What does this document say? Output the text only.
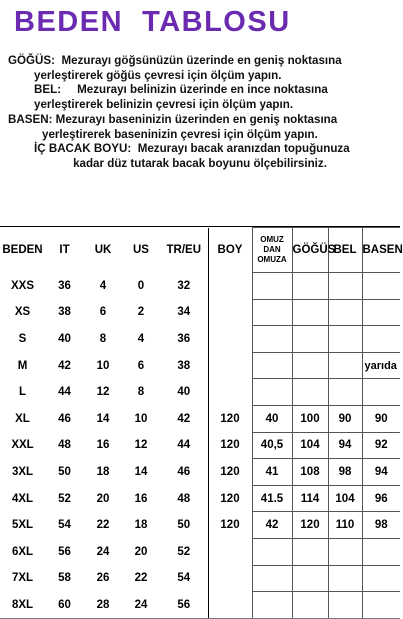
BEDEN  TABLOSU
GÖĞÜS:  Mezurayı göğsünüzün üzerinde en geniş noktasına
yerleştirerek göğüs çevresi için ölçüm yapın.
BEL:     Mezurayı belinizin üzerinde en ince noktasına
yerleştirerek belinizin çevresi için ölçüm yapın.
BASEN: Mezurayı baseninizin üzerinden en geniş noktasına
yerleştirerek baseninizin çevresi için ölçüm yapın.
İÇ BACAK BOYU:  Mezurayı bacak aranızdan topuğunuza
kadar düz tutarak bacak boyunu ölçebilirsiniz.
BEDEN	IT	UK	US	TR/EU	BOY	OMUZ DAN OMUZA	GÖĞÜS	BEL	BASEN
XXS	36	4	0	32					
XS	38	6	2	34					
S	40	8	4	36					
M	42	10	6	38					yarıda
L	44	12	8	40					
XL	46	14	10	42	120	40	100	90	90
XXL	48	16	12	44	120	40,5	104	94	92
3XL	50	18	14	46	120	41	108	98	94
4XL	52	20	16	48	120	41.5	114	104	96
5XL	54	22	18	50	120	42	120	110	98
6XL	56	24	20	52					
7XL	58	26	22	54					
8XL	60	28	24	56					
